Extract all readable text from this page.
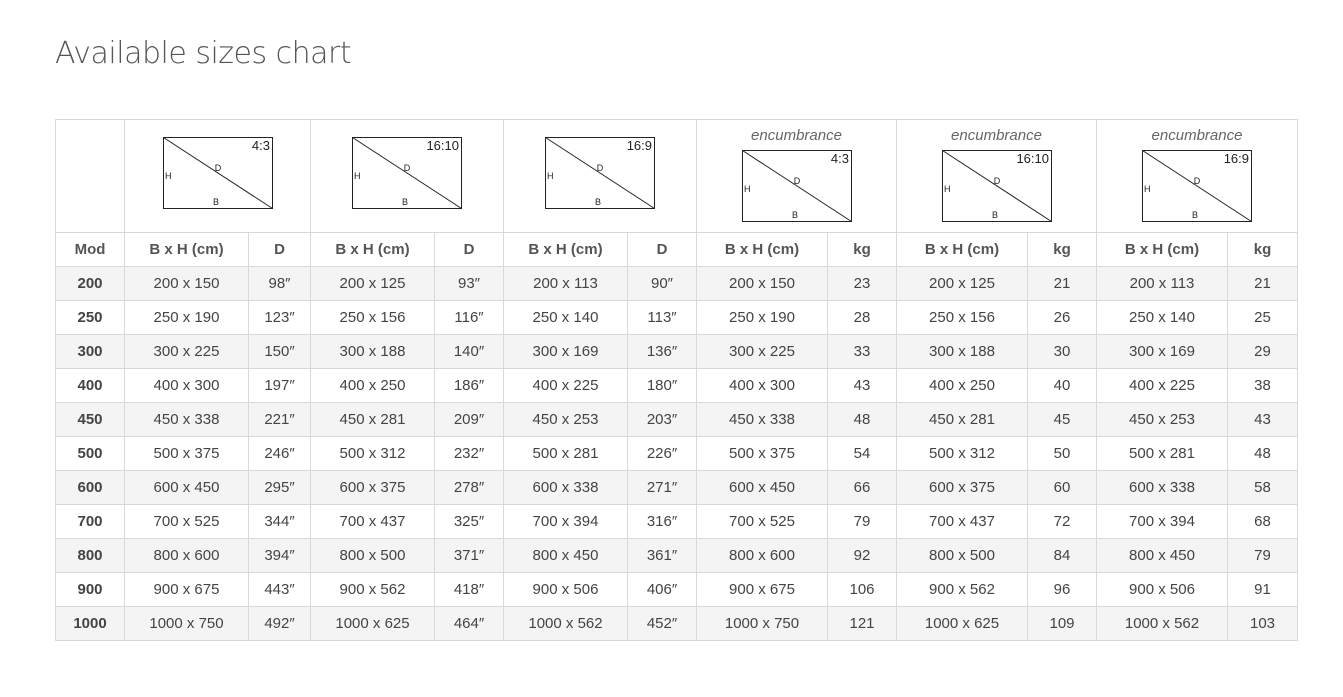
Available sizes chart

4:3
H
D
B		16:10
H
D
B		16:9
H
D
B		encumbrance
4:3
H
D
B		encumbrance
16:10
H
D
B		encumbrance
16:9
H
D
B	

Mod	B x H (cm)	D	B x H (cm)	D	B x H (cm)	D	B x H (cm)	kg	B x H (cm)	kg	B x H (cm)	kg
200	200 x 150	98″	200 x 125	93″	200 x 113	90″	200 x 150	23	200 x 125	21	200 x 113	21
250	250 x 190	123″	250 x 156	116″	250 x 140	113″	250 x 190	28	250 x 156	26	250 x 140	25
300	300 x 225	150″	300 x 188	140″	300 x 169	136″	300 x 225	33	300 x 188	30	300 x 169	29
400	400 x 300	197″	400 x 250	186″	400 x 225	180″	400 x 300	43	400 x 250	40	400 x 225	38
450	450 x 338	221″	450 x 281	209″	450 x 253	203″	450 x 338	48	450 x 281	45	450 x 253	43
500	500 x 375	246″	500 x 312	232″	500 x 281	226″	500 x 375	54	500 x 312	50	500 x 281	48
600	600 x 450	295″	600 x 375	278″	600 x 338	271″	600 x 450	66	600 x 375	60	600 x 338	58
700	700 x 525	344″	700 x 437	325″	700 x 394	316″	700 x 525	79	700 x 437	72	700 x 394	68
800	800 x 600	394″	800 x 500	371″	800 x 450	361″	800 x 600	92	800 x 500	84	800 x 450	79
900	900 x 675	443″	900 x 562	418″	900 x 506	406″	900 x 675	106	900 x 562	96	900 x 506	91
1000	1000 x 750	492″	1000 x 625	464″	1000 x 562	452″	1000 x 750	121	1000 x 625	109	1000 x 562	103
